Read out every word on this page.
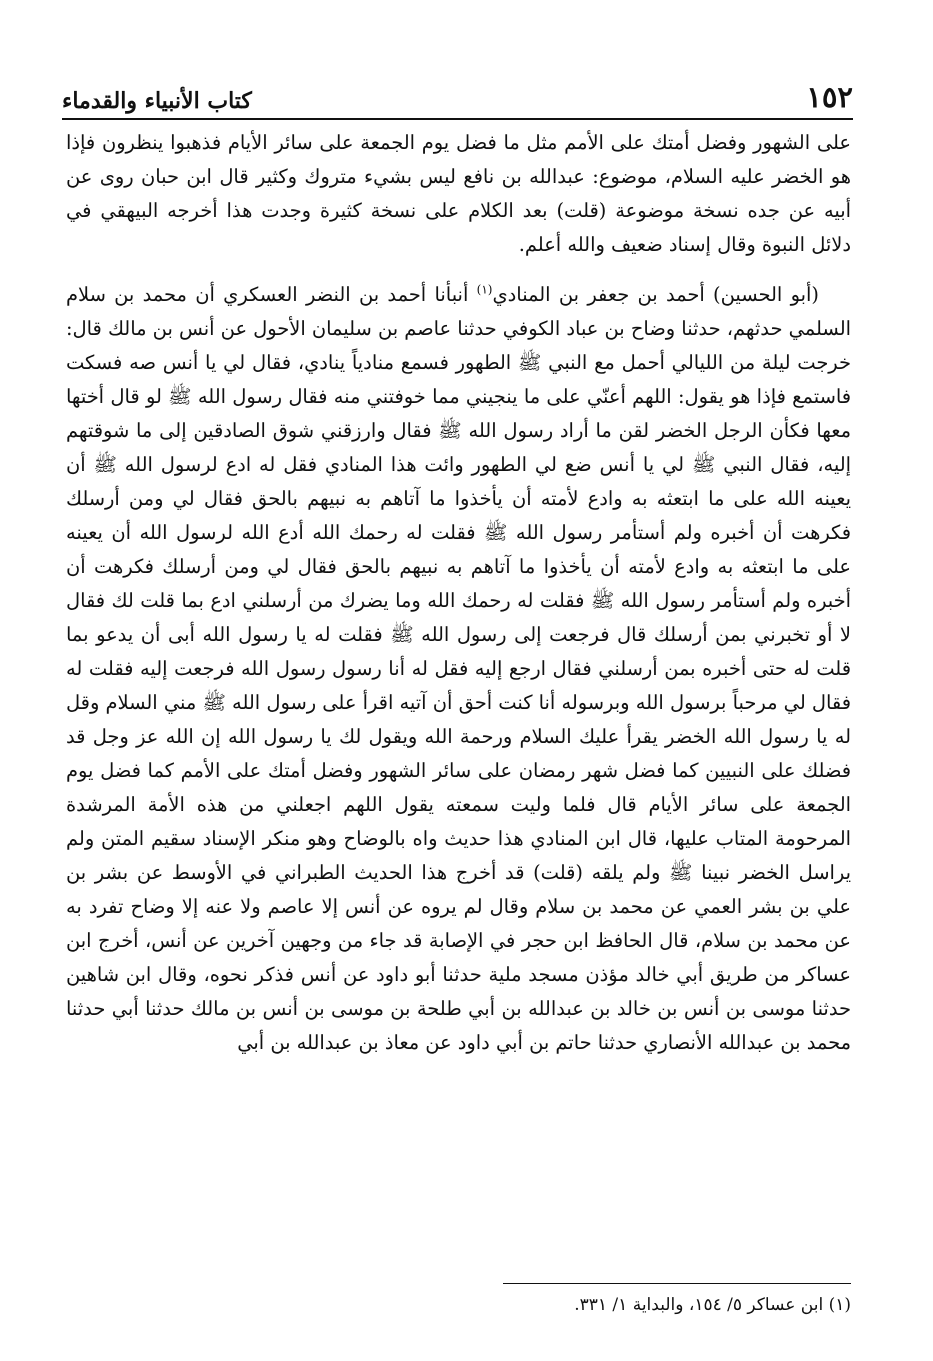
١٥٢
كتاب الأنبياء والقدماء

على الشهور وفضل أمتك على الأمم مثل ما فضل يوم الجمعة على سائر الأيام فذهبوا ينظرون فإذا هو الخضر عليه السلام، موضوع: عبدالله بن نافع ليس بشيء متروك وكثير قال ابن حبان روى عن أبيه عن جده نسخة موضوعة (قلت) بعد الكلام على نسخة كثيرة وجدت هذا أخرجه البيهقي في دلائل النبوة وقال إسناد ضعيف والله أعلم.

(أبو الحسين) أحمد بن جعفر بن المنادي$^{(١)}$ أنبأنا أحمد بن النضر العسكري أن محمد بن سلام السلمي حدثهم، حدثنا وضاح بن عباد الكوفي حدثنا عاصم بن سليمان الأحول عن أنس بن مالك قال: خرجت ليلة من الليالي أحمل مع النبي ﷺ الطهور فسمع منادياً ينادي، فقال لي يا أنس صه فسكت فاستمع فإذا هو يقول: اللهم أعنّي على ما ينجيني مما خوفتني منه فقال رسول الله ﷺ لو قال أختها معها فكأن الرجل الخضر لقن ما أراد رسول الله ﷺ فقال وارزقني شوق الصادقين إلى ما شوقتهم إليه، فقال النبي ﷺ لي يا أنس ضع لي الطهور وائت هذا المنادي فقل له ادع لرسول الله ﷺ أن يعينه الله على ما ابتعثه به وادع لأمته أن يأخذوا ما آتاهم به نبيهم بالحق فقال لي ومن أرسلك فكرهت أن أخبره ولم أستأمر رسول الله ﷺ فقلت له رحمك الله أدع الله لرسول الله أن يعينه على ما ابتعثه به وادع لأمته أن يأخذوا ما آتاهم به نبيهم بالحق فقال لي ومن أرسلك فكرهت أن أخبره ولم أستأمر رسول الله ﷺ فقلت له رحمك الله وما يضرك من أرسلني ادع بما قلت لك فقال لا أو تخبرني بمن أرسلك قال فرجعت إلى رسول الله ﷺ فقلت له يا رسول الله أبى أن يدعو بما قلت له حتى أخبره بمن أرسلني فقال ارجع إليه فقل له أنا رسول رسول الله فرجعت إليه فقلت له فقال لي مرحباً برسول الله وبرسوله أنا كنت أحق أن آتيه اقرأ على رسول الله ﷺ مني السلام وقل له يا رسول الله الخضر يقرأ عليك السلام ورحمة الله ويقول لك يا رسول الله إن الله عز وجل قد فضلك على النبيين كما فضل شهر رمضان على سائر الشهور وفضل أمتك على الأمم كما فضل يوم الجمعة على سائر الأيام قال فلما وليت سمعته يقول اللهم اجعلني من هذه الأمة المرشدة المرحومة المتاب عليها، قال ابن المنادي هذا حديث واه بالوضاح وهو منكر الإسناد سقيم المتن ولم يراسل الخضر نبينا ﷺ ولم يلقه (قلت) قد أخرج هذا الحديث الطبراني في الأوسط عن بشر بن علي بن بشر العمي عن محمد بن سلام وقال لم يروه عن أنس إلا عاصم ولا عنه إلا وضاح تفرد به عن محمد بن سلام، قال الحافظ ابن حجر في الإصابة قد جاء من وجهين آخرين عن أنس، أخرج ابن عساكر من طريق أبي خالد مؤذن مسجد ملية حدثنا أبو داود عن أنس فذكر نحوه، وقال ابن شاهين حدثنا موسى بن أنس بن خالد بن عبدالله بن أبي طلحة بن موسى بن أنس بن مالك حدثنا أبي حدثنا محمد بن عبدالله الأنصاري حدثنا حاتم بن أبي داود عن معاذ بن عبدالله بن أبي

(١) ابن عساكر ٥/ ١٥٤، والبداية ١/ ٣٣١.
